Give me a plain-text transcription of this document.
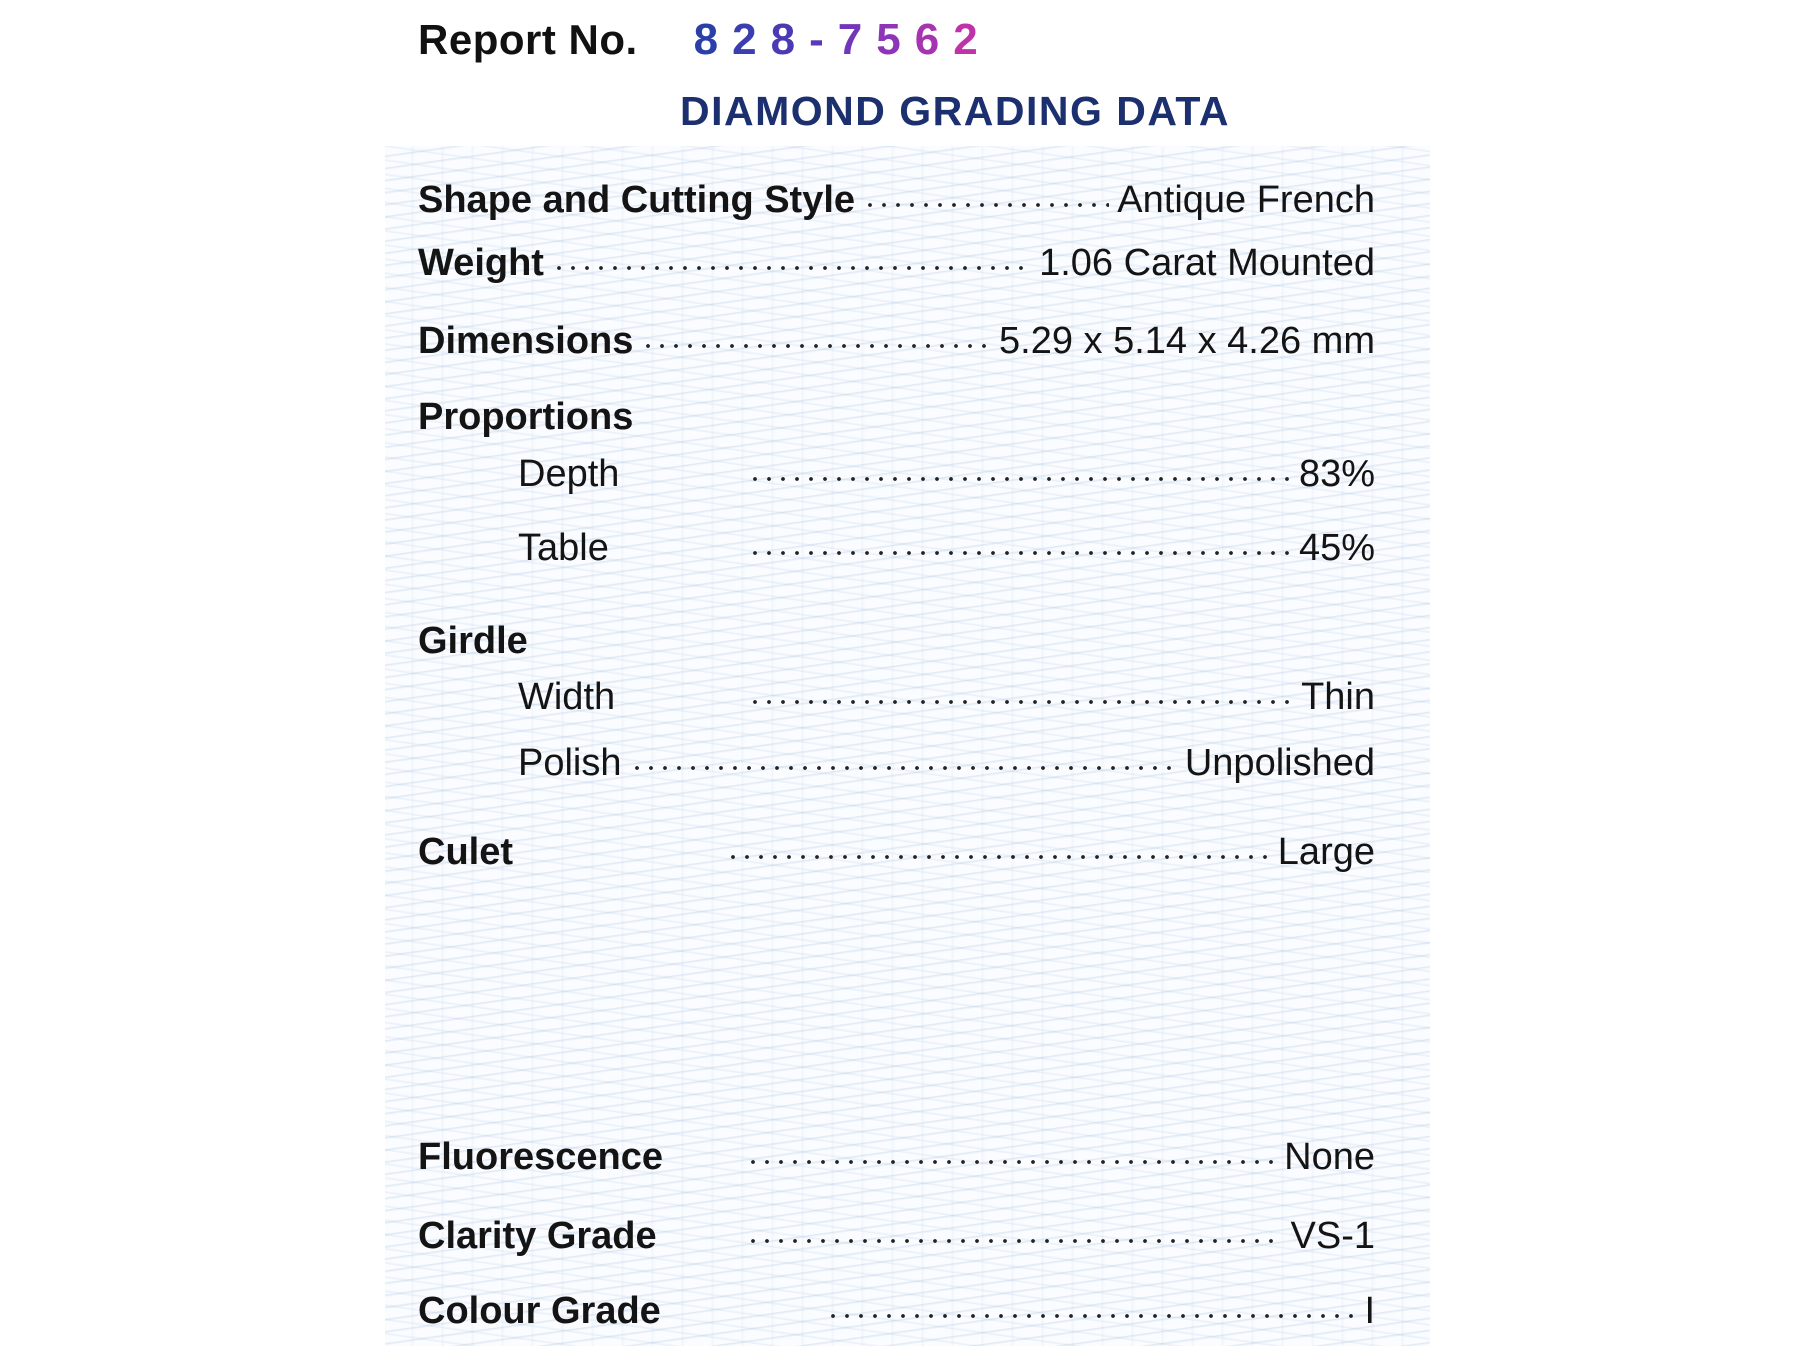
Report No. 8 2 8 - 7 5 6 2
DIAMOND GRADING DATA
Shape and Cutting Style	Antique French
Weight	1.06 Carat Mounted
Dimensions	5.29 x 5.14 x 4.26 mm
Proportions
Depth	83%
Table	45%
Girdle
Width	Thin
Polish	Unpolished
Culet	Large
Fluorescence	None
Clarity Grade	VS-1
Colour Grade	I
